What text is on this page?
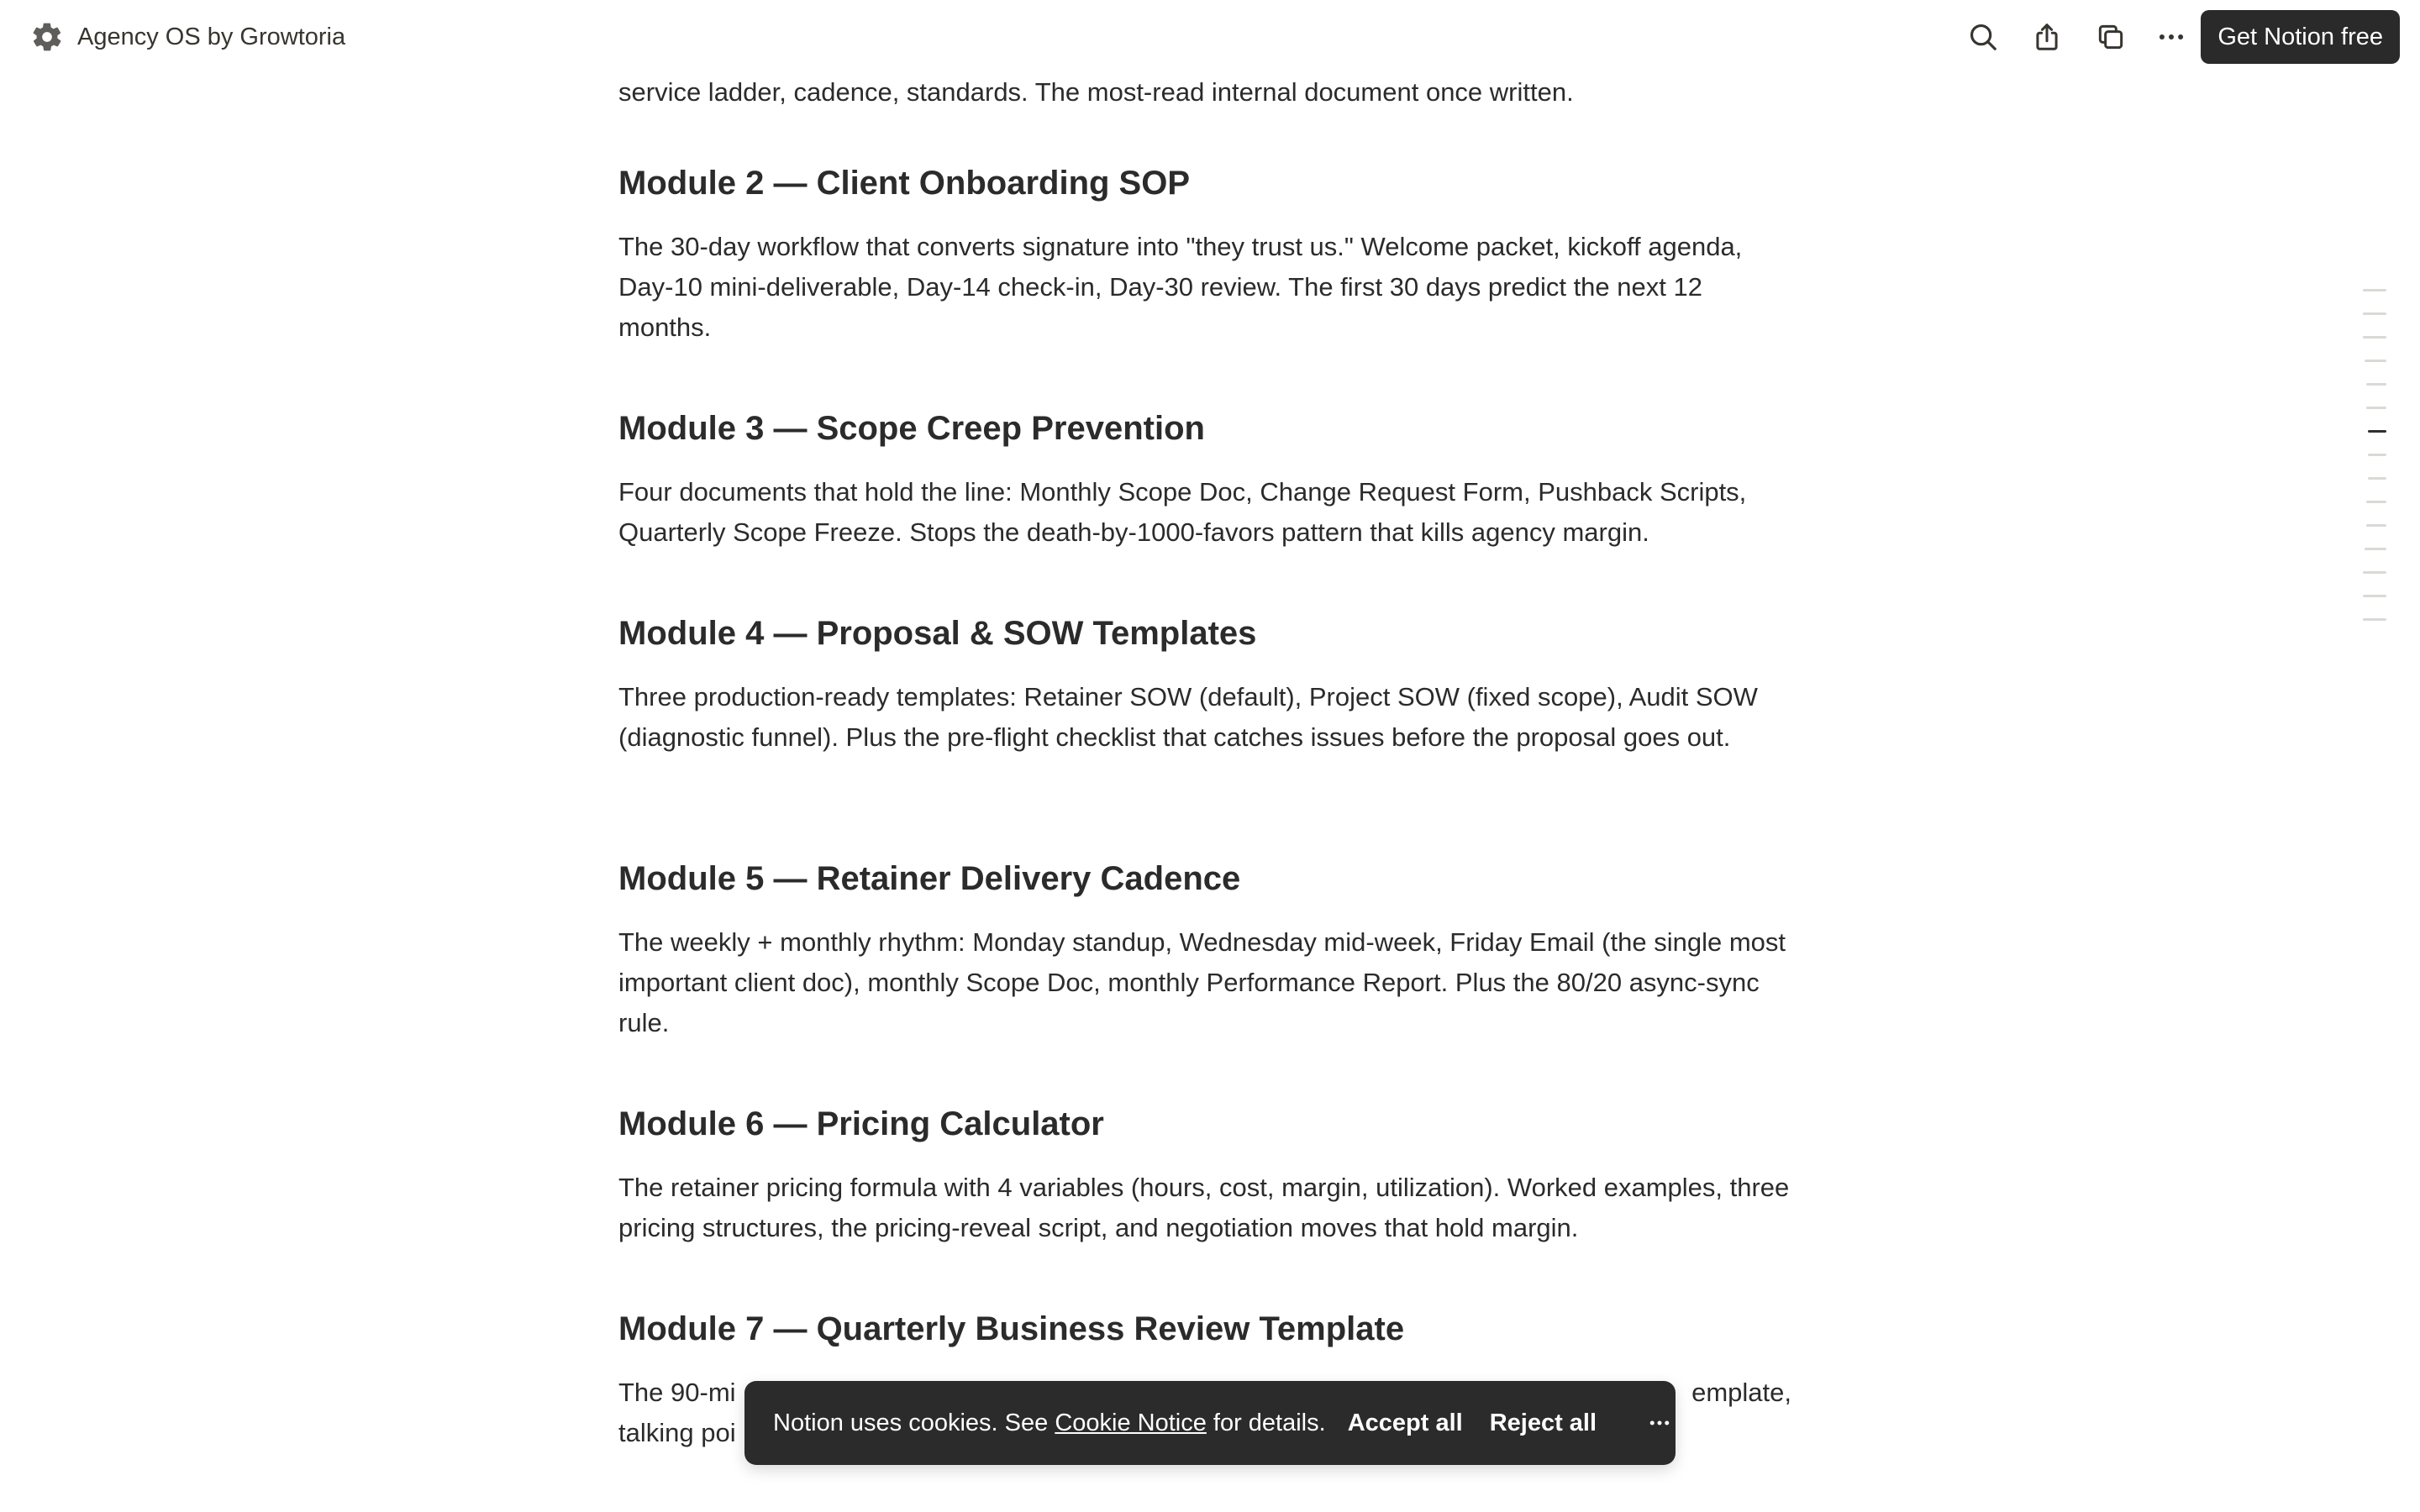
Agency OS by Growtoria	Get Notion free
service ladder, cadence, standards. The most-read internal document once written.
Module 2 — Client Onboarding SOP

The 30-day workflow that converts signature into "they trust us." Welcome packet, kickoff agenda, Day-10 mini-deliverable, Day-14 check-in, Day-30 review. The first 30 days predict the next 12 months.

Module 3 — Scope Creep Prevention

Four documents that hold the line: Monthly Scope Doc, Change Request Form, Pushback Scripts, Quarterly Scope Freeze. Stops the death-by-1000-favors pattern that kills agency margin.

Module 4 — Proposal & SOW Templates

Three production-ready templates: Retainer SOW (default), Project SOW (fixed scope), Audit SOW (diagnostic funnel). Plus the pre-flight checklist that catches issues before the proposal goes out.

Module 5 — Retainer Delivery Cadence

The weekly + monthly rhythm: Monday standup, Wednesday mid-week, Friday Email (the single most important client doc), monthly Scope Doc, monthly Performance Report. Plus the 80/20 async-sync rule.

Module 6 — Pricing Calculator

The retainer pricing formula with 4 variables (hours, cost, margin, utilization). Worked examples, three pricing structures, the pricing-reveal script, and negotiation moves that hold margin.

Module 7 — Quarterly Business Review Template

The 90-mi	emplate,
talking poi Notion uses cookies. See Cookie Notice for details. Accept all Reject all
